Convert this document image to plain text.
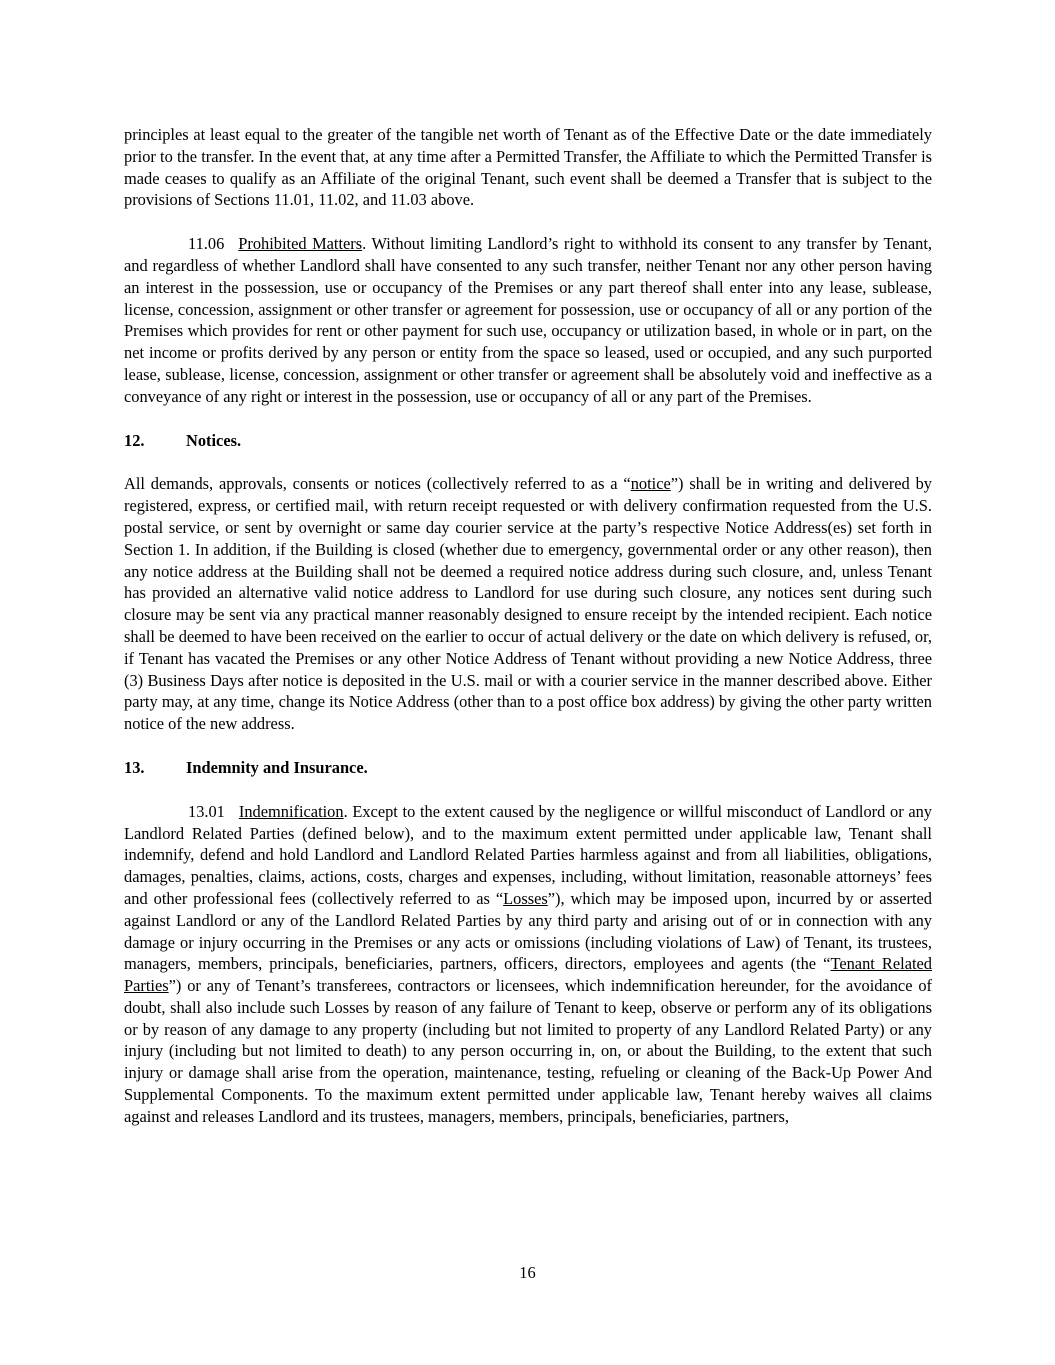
principles at least equal to the greater of the tangible net worth of Tenant as of the Effective Date or the date immediately prior to the transfer. In the event that, at any time after a Permitted Transfer, the Affiliate to which the Permitted Transfer is made ceases to qualify as an Affiliate of the original Tenant, such event shall be deemed a Transfer that is subject to the provisions of Sections 11.01, 11.02, and 11.03 above.

11.06 Prohibited Matters. Without limiting Landlord’s right to withhold its consent to any transfer by Tenant, and regardless of whether Landlord shall have consented to any such transfer, neither Tenant nor any other person having an interest in the possession, use or occupancy of the Premises or any part thereof shall enter into any lease, sublease, license, concession, assignment or other transfer or agreement for possession, use or occupancy of all or any portion of the Premises which provides for rent or other payment for such use, occupancy or utilization based, in whole or in part, on the net income or profits derived by any person or entity from the space so leased, used or occupied, and any such purported lease, sublease, license, concession, assignment or other transfer or agreement shall be absolutely void and ineffective as a conveyance of any right or interest in the possession, use or occupancy of all or any part of the Premises.

12.	Notices.

All demands, approvals, consents or notices (collectively referred to as a “notice”) shall be in writing and delivered by registered, express, or certified mail, with return receipt requested or with delivery confirmation requested from the U.S. postal service, or sent by overnight or same day courier service at the party’s respective Notice Address(es) set forth in Section 1. In addition, if the Building is closed (whether due to emergency, governmental order or any other reason), then any notice address at the Building shall not be deemed a required notice address during such closure, and, unless Tenant has provided an alternative valid notice address to Landlord for use during such closure, any notices sent during such closure may be sent via any practical manner reasonably designed to ensure receipt by the intended recipient. Each notice shall be deemed to have been received on the earlier to occur of actual delivery or the date on which delivery is refused, or, if Tenant has vacated the Premises or any other Notice Address of Tenant without providing a new Notice Address, three (3) Business Days after notice is deposited in the U.S. mail or with a courier service in the manner described above. Either party may, at any time, change its Notice Address (other than to a post office box address) by giving the other party written notice of the new address.

13.	Indemnity and Insurance.

13.01 Indemnification. Except to the extent caused by the negligence or willful misconduct of Landlord or any Landlord Related Parties (defined below), and to the maximum extent permitted under applicable law, Tenant shall indemnify, defend and hold Landlord and Landlord Related Parties harmless against and from all liabilities, obligations, damages, penalties, claims, actions, costs, charges and expenses, including, without limitation, reasonable attorneys’ fees and other professional fees (collectively referred to as “Losses”), which may be imposed upon, incurred by or asserted against Landlord or any of the Landlord Related Parties by any third party and arising out of or in connection with any damage or injury occurring in the Premises or any acts or omissions (including violations of Law) of Tenant, its trustees, managers, members, principals, beneficiaries, partners, officers, directors, employees and agents (the “Tenant Related Parties”) or any of Tenant’s transferees, contractors or licensees, which indemnification hereunder, for the avoidance of doubt, shall also include such Losses by reason of any failure of Tenant to keep, observe or perform any of its obligations or by reason of any damage to any property (including but not limited to property of any Landlord Related Party) or any injury (including but not limited to death) to any person occurring in, on, or about the Building, to the extent that such injury or damage shall arise from the operation, maintenance, testing, refueling or cleaning of the Back-Up Power And Supplemental Components. To the maximum extent permitted under applicable law, Tenant hereby waives all claims against and releases Landlord and its trustees, managers, members, principals, beneficiaries, partners,

16
